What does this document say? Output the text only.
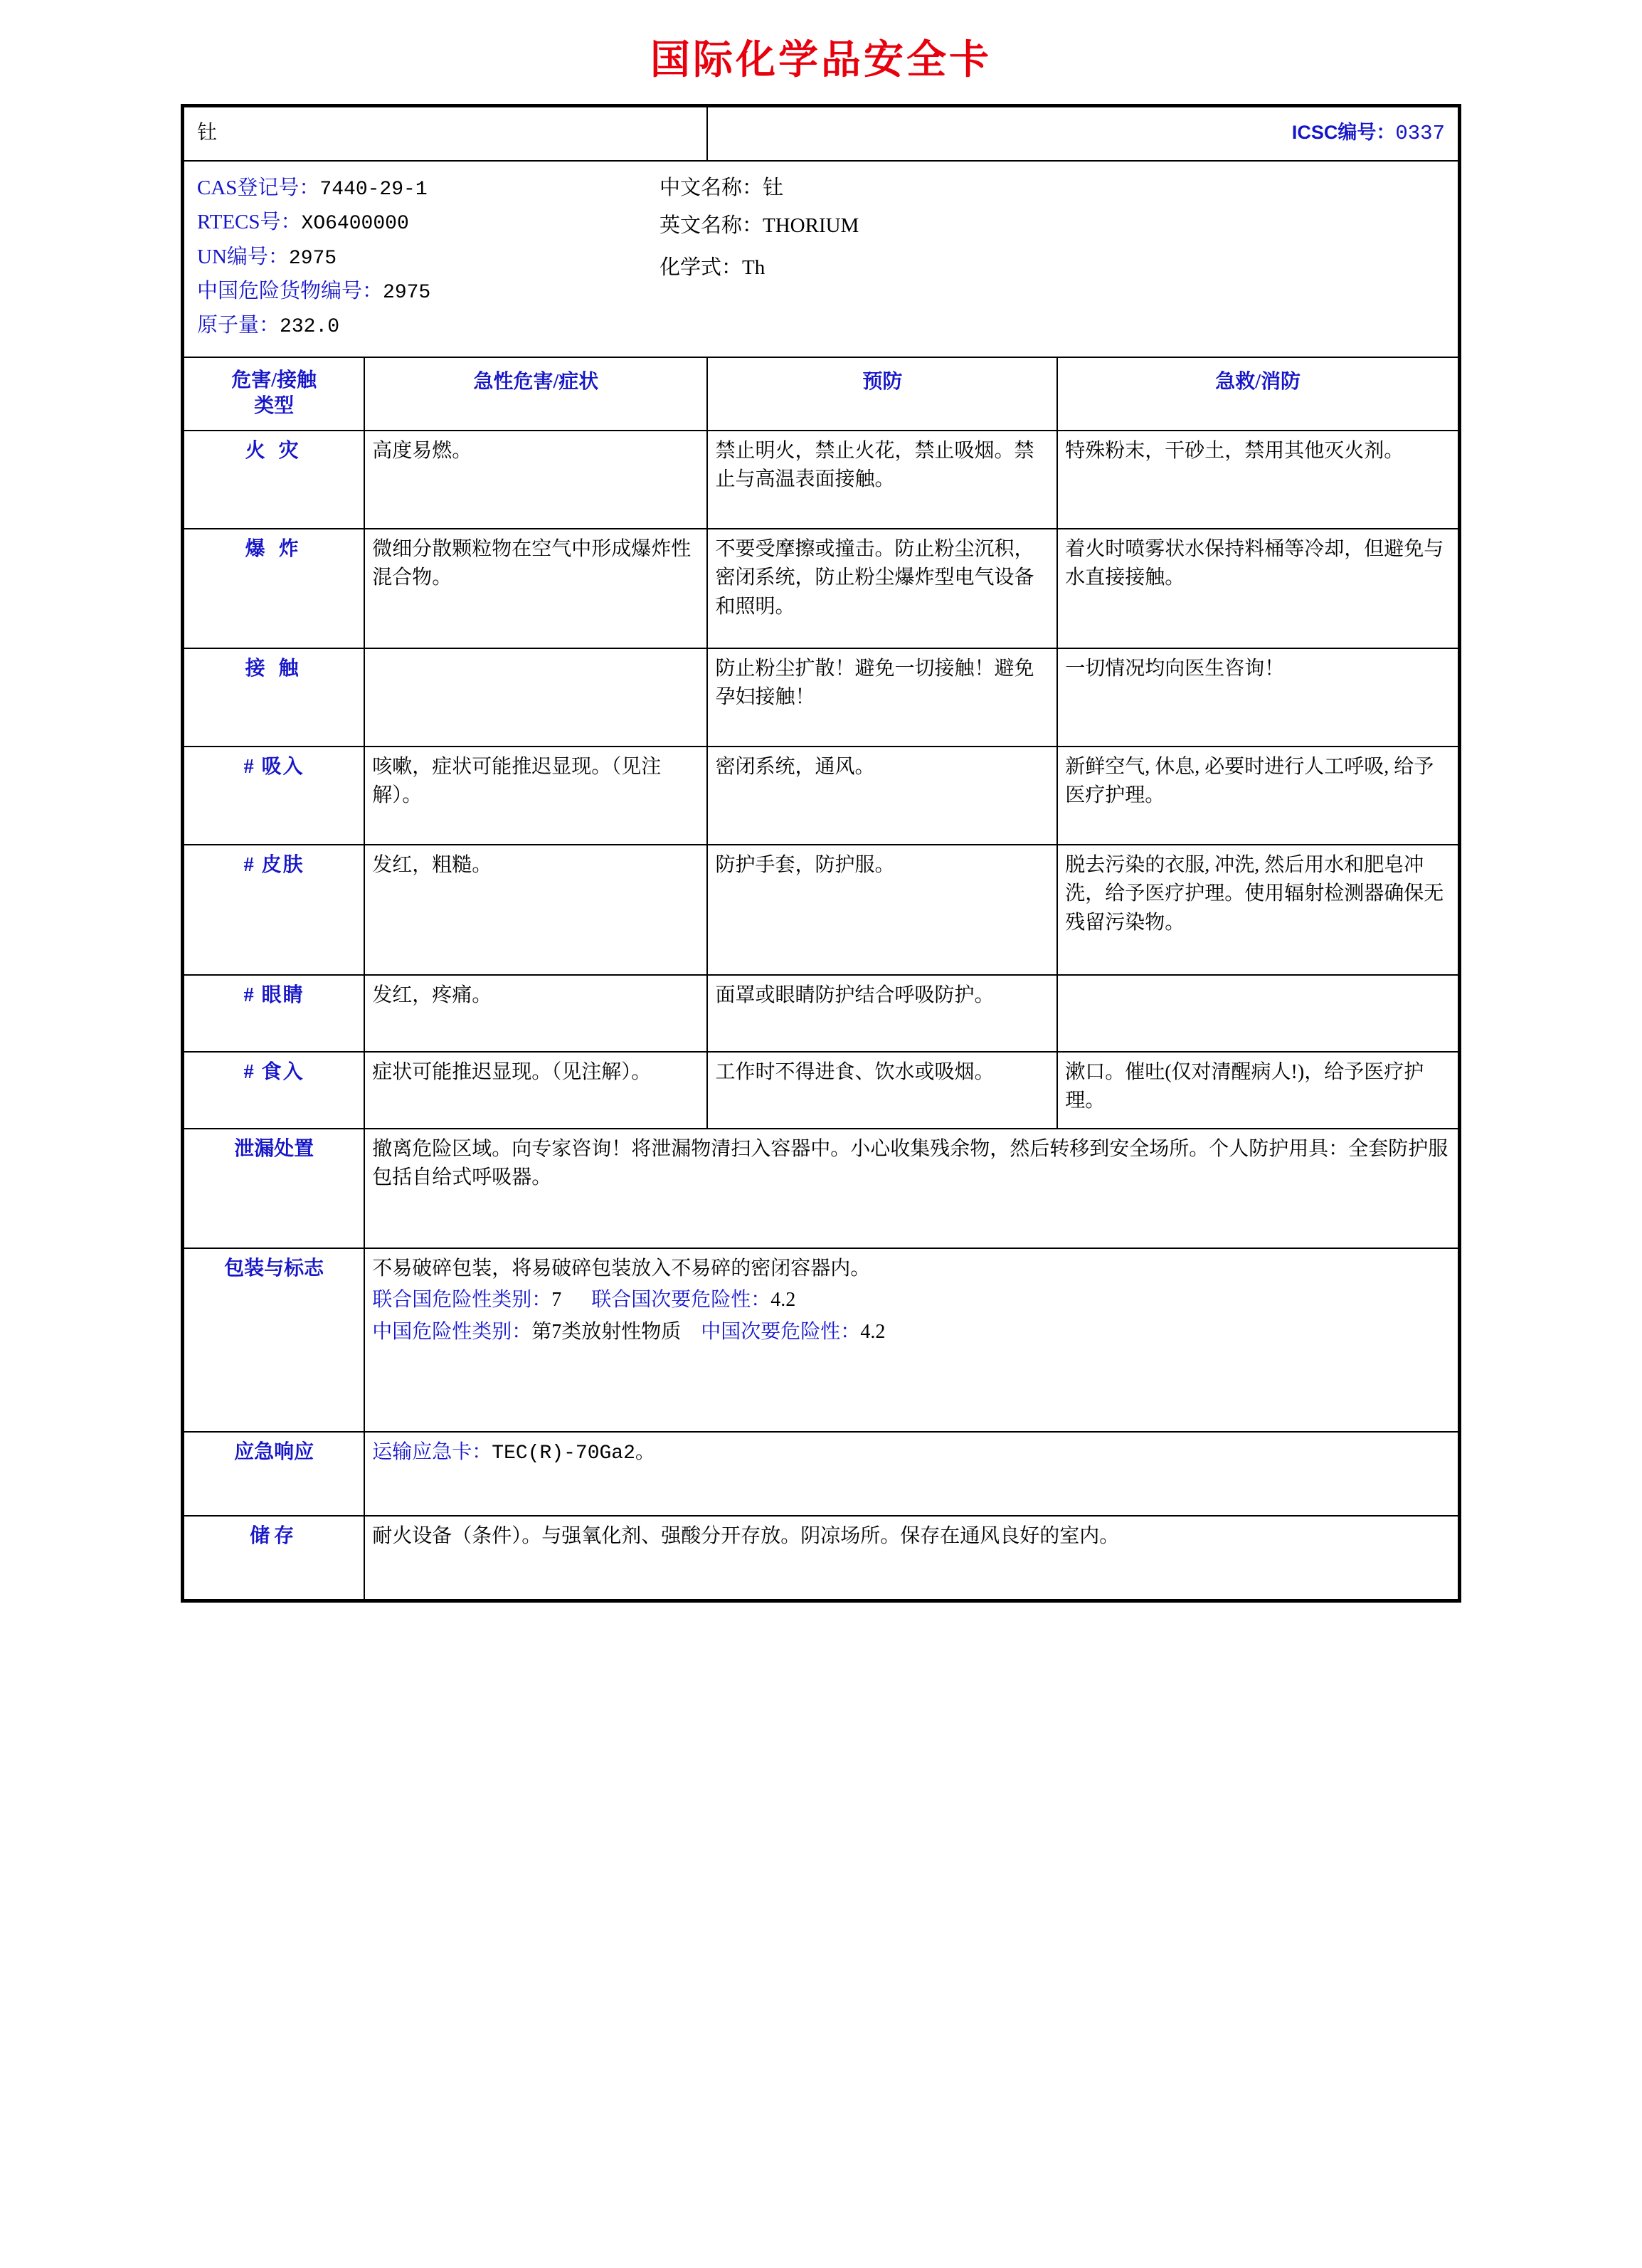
国际化学品安全卡
钍		ICSC编号：0337	

CAS登记号：7440-29-1
RTECS号：XO6400000
UN编号：2975
中国危险货物编号：2975
原子量：232.0
中文名称：钍

英文名称：THORIUM

化学式：Th

危害/接触
类型	急性危害/症状	预防	急救/消防
火 灾	高度易燃。	禁止明火，禁止火花，禁止吸烟。禁止与高温表面接触。	特殊粉末，干砂土，禁用其他灭火剂。
爆 炸	微细分散颗粒物在空气中形成爆炸性混合物。	不要受摩擦或撞击。防止粉尘沉积，密闭系统，防止粉尘爆炸型电气设备和照明。	着火时喷雾状水保持料桶等冷却，但避免与水直接接触。
接 触		防止粉尘扩散！避免一切接触！避免孕妇接触！	一切情况均向医生咨询！
# 吸入	咳嗽，症状可能推迟显现。（见注解）。	密闭系统，通风。	新鲜空气, 休息, 必要时进行人工呼吸, 给予医疗护理。
# 皮肤	发红，粗糙。	防护手套，防护服。	脱去污染的衣服, 冲洗, 然后用水和肥皂冲洗，给予医疗护理。使用辐射检测器确保无残留污染物。
# 眼睛	发红，疼痛。	面罩或眼睛防护结合呼吸防护。	
# 食入	症状可能推迟显现。（见注解）。	工作时不得进食、饮水或吸烟。	漱口。催吐(仅对清醒病人!)，给予医疗护理。
泄漏处置	撤离危险区域。向专家咨询！将泄漏物清扫入容器中。小心收集残余物，然后转移到安全场所。个人防护用具：全套防护服包括自给式呼吸器。		
包装与标志	不易破碎包装，将易破碎包装放入不易碎的密闭容器内。
联合国危险性类别：7 联合国次要危险性：4.2
中国危险性类别：第7类放射性物质 中国次要危险性：4.2		

应急响应	运输应急卡：TEC(R)-70Ga2。		
储存	耐火设备（条件）。与强氧化剂、强酸分开存放。阴凉场所。保存在通风良好的室内。		
